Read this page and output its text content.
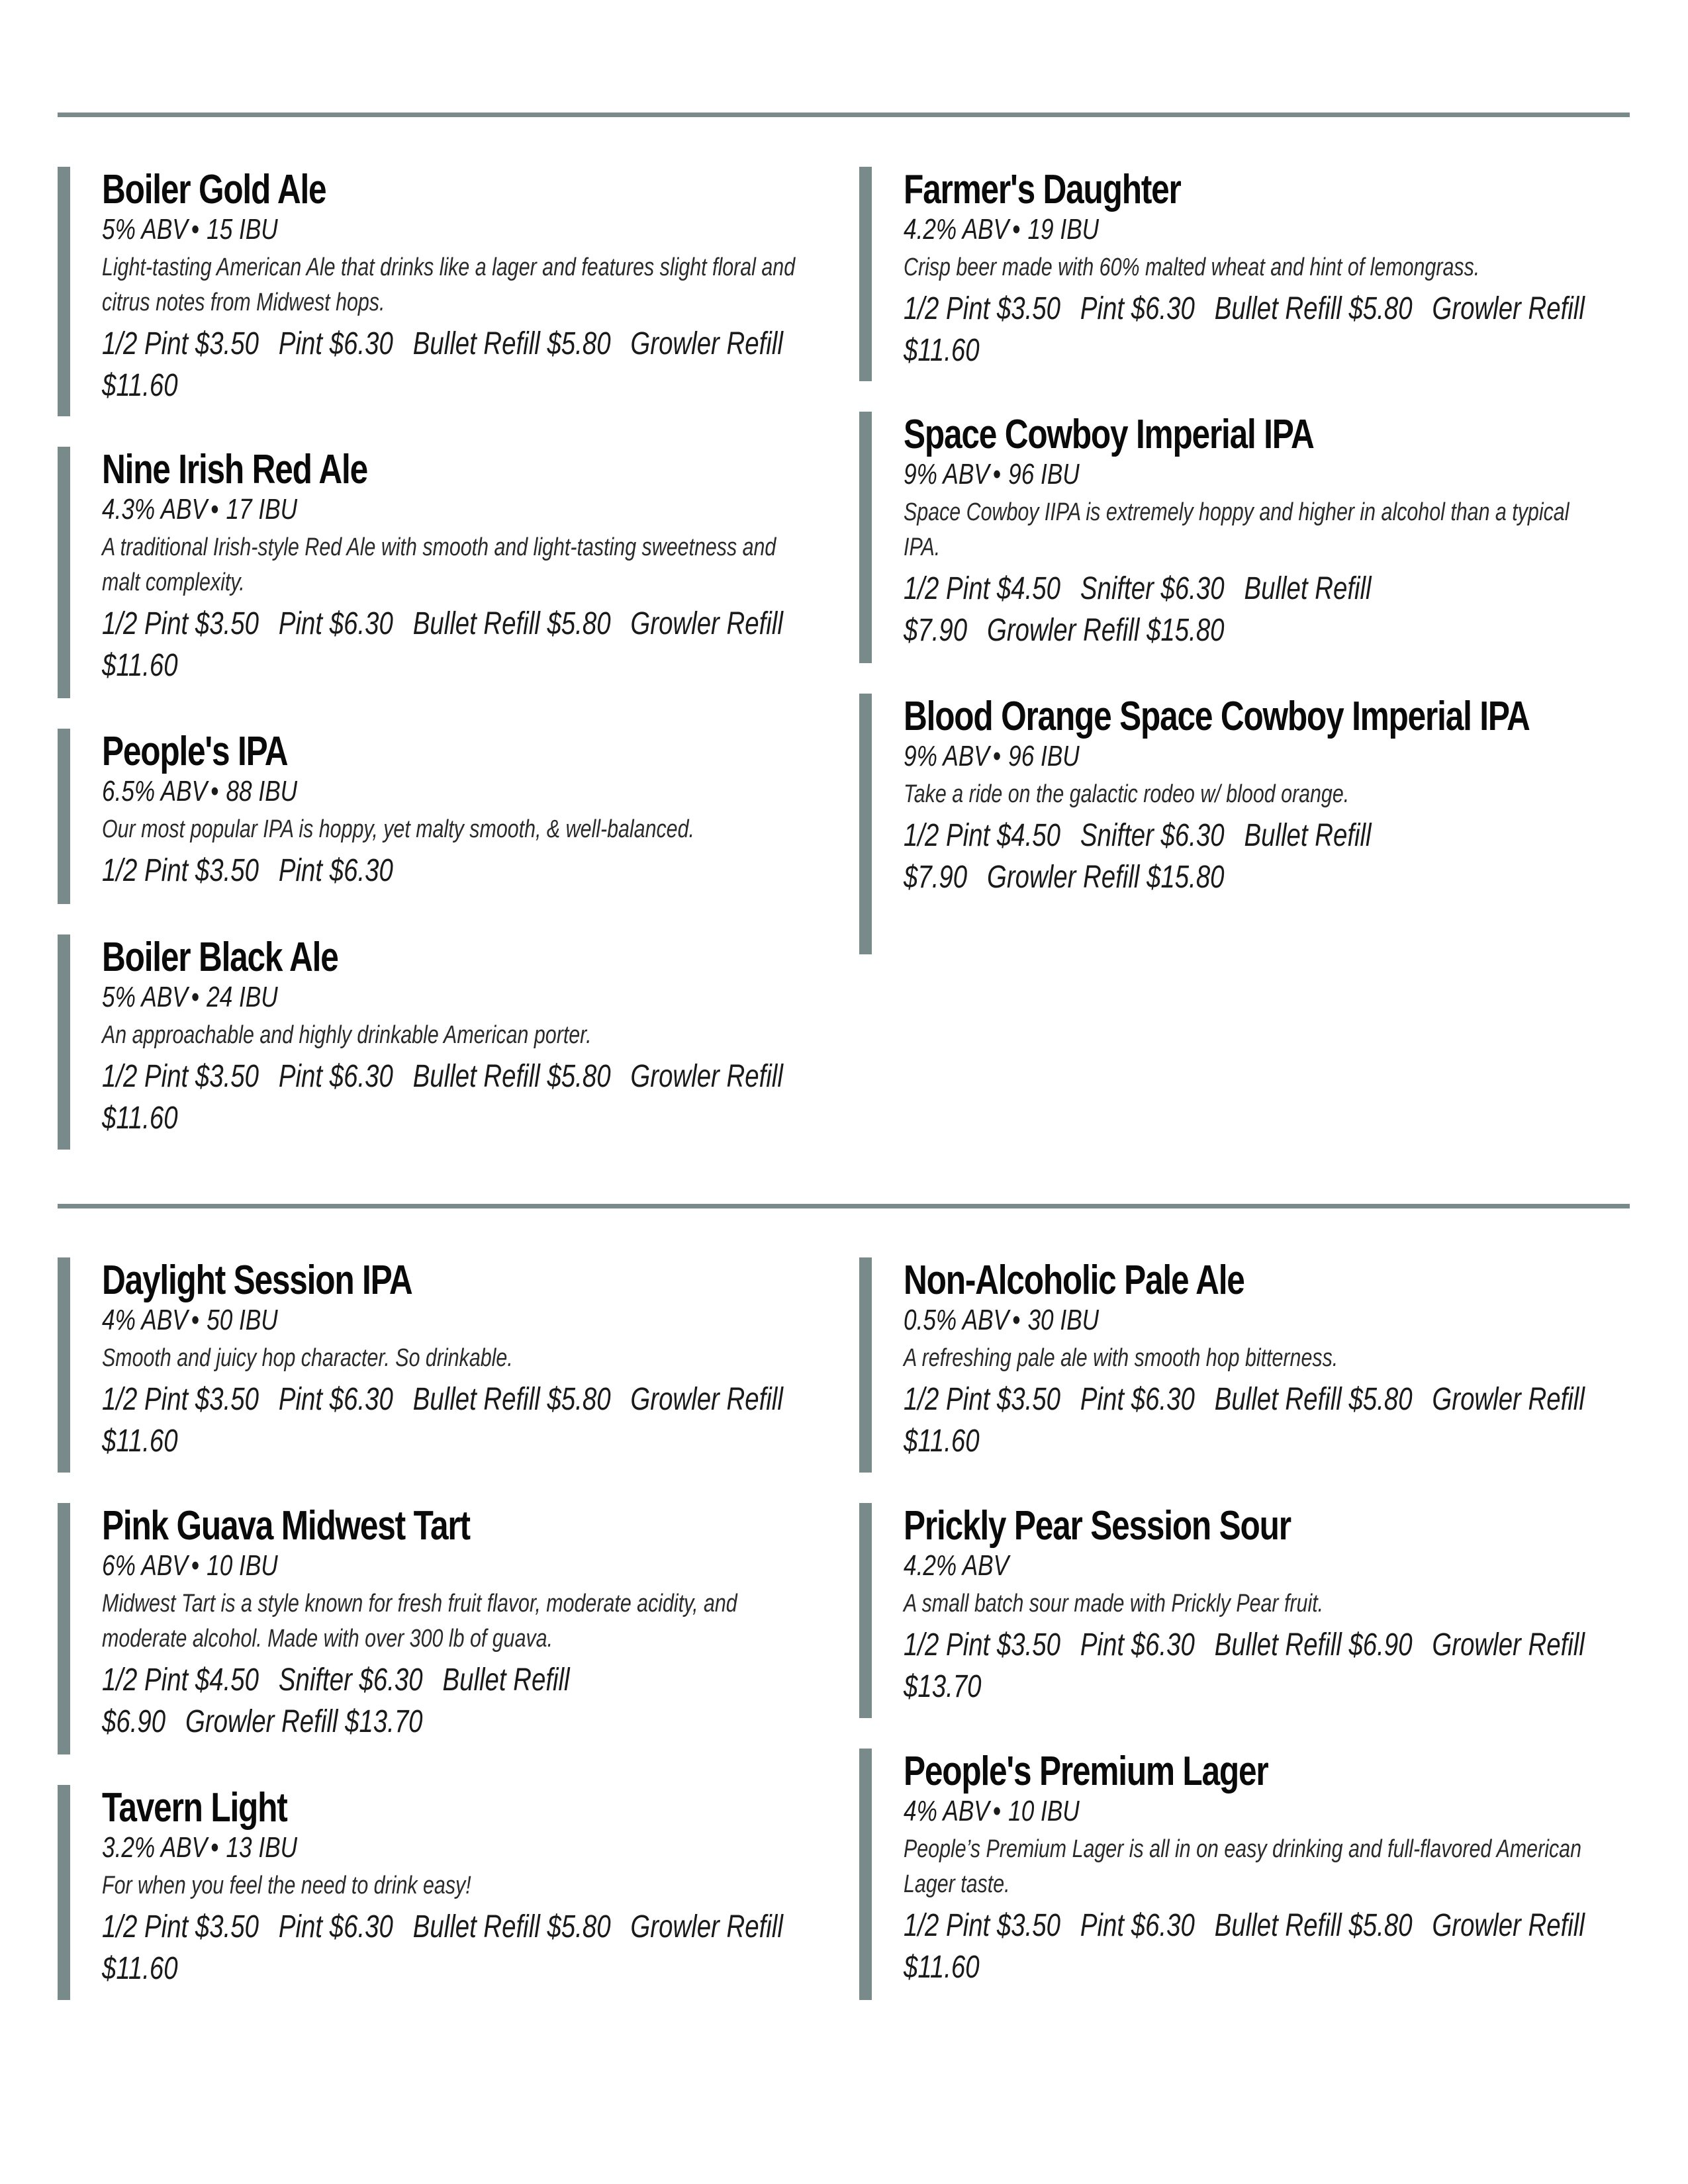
Boiler Gold Ale
5% ABV • 15 IBU
Light-tasting American Ale that drinks like a lager and features slight floral and citrus notes from Midwest hops.
1/2 Pint $3.50 Pint $6.30 Bullet Refill $5.80 Growler Refill $11.60
Nine Irish Red Ale
4.3% ABV • 17 IBU
A traditional Irish-style Red Ale with smooth and light-tasting sweetness and malt complexity.
1/2 Pint $3.50 Pint $6.30 Bullet Refill $5.80 Growler Refill $11.60
People's IPA
6.5% ABV • 88 IBU
Our most popular IPA is hoppy, yet malty smooth, & well-balanced.
1/2 Pint $3.50 Pint $6.30
Boiler Black Ale
5% ABV • 24 IBU
An approachable and highly drinkable American porter.
1/2 Pint $3.50 Pint $6.30 Bullet Refill $5.80 Growler Refill $11.60
Farmer's Daughter
4.2% ABV • 19 IBU
Crisp beer made with 60% malted wheat and hint of lemongrass.
1/2 Pint $3.50 Pint $6.30 Bullet Refill $5.80 Growler Refill $11.60
Space Cowboy Imperial IPA
9% ABV • 96 IBU
Space Cowboy IIPA is extremely hoppy and higher in alcohol than a typical IPA.
1/2 Pint $4.50 Snifter $6.30 Bullet Refill $7.90 Growler Refill $15.80
Blood Orange Space Cowboy Imperial IPA
9% ABV • 96 IBU
Take a ride on the galactic rodeo w/ blood orange.
1/2 Pint $4.50 Snifter $6.30 Bullet Refill $7.90 Growler Refill $15.80
Daylight Session IPA
4% ABV • 50 IBU
Smooth and juicy hop character. So drinkable.
1/2 Pint $3.50 Pint $6.30 Bullet Refill $5.80 Growler Refill $11.60
Pink Guava Midwest Tart
6% ABV • 10 IBU
Midwest Tart is a style known for fresh fruit flavor, moderate acidity, and moderate alcohol. Made with over 300 lb of guava.
1/2 Pint $4.50 Snifter $6.30 Bullet Refill $6.90 Growler Refill $13.70
Tavern Light
3.2% ABV • 13 IBU
For when you feel the need to drink easy!
1/2 Pint $3.50 Pint $6.30 Bullet Refill $5.80 Growler Refill $11.60
Non-Alcoholic Pale Ale
0.5% ABV • 30 IBU
A refreshing pale ale with smooth hop bitterness.
1/2 Pint $3.50 Pint $6.30 Bullet Refill $5.80 Growler Refill $11.60
Prickly Pear Session Sour
4.2% ABV
A small batch sour made with Prickly Pear fruit.
1/2 Pint $3.50 Pint $6.30 Bullet Refill $6.90 Growler Refill $13.70
People's Premium Lager
4% ABV • 10 IBU
People’s Premium Lager is all in on easy drinking and full-flavored American Lager taste.
1/2 Pint $3.50 Pint $6.30 Bullet Refill $5.80 Growler Refill $11.60
